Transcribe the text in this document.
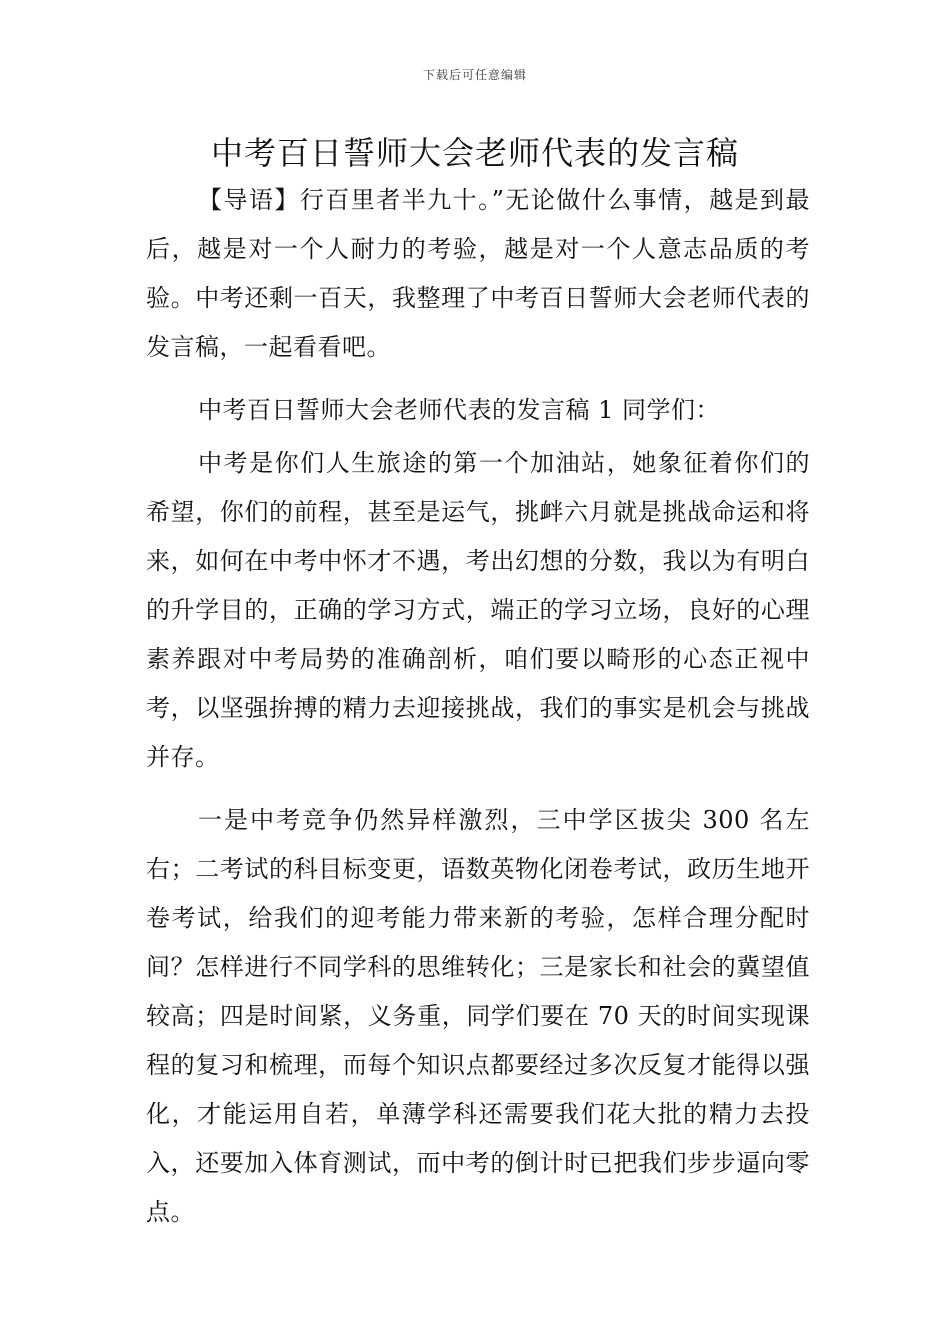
下载后可任意编辑
中考百日誓师大会老师代表的发言稿

【导语】行百里者半九十。”无论做什么事情，越是到最后，越是对一个人耐力的考验，越是对一个人意志品质的考验。中考还剩一百天，我整理了中考百日誓师大会老师代表的发言稿，一起看看吧。

中考百日誓师大会老师代表的发言稿 1 同学们：

中考是你们人生旅途的第一个加油站，她象征着你们的希望，你们的前程，甚至是运气，挑衅六月就是挑战命运和将来，如何在中考中怀才不遇，考出幻想的分数，我以为有明白的升学目的，正确的学习方式，端正的学习立场，良好的心理素养跟对中考局势的准确剖析，咱们要以畸形的心态正视中考，以坚强拚搏的精力去迎接挑战，我们的事实是机会与挑战并存。

一是中考竞争仍然异样激烈，三中学区拔尖 300 名左右；二考试的科目标变更，语数英物化闭卷考试，政历生地开卷考试，给我们的迎考能力带来新的考验，怎样合理分配时间？怎样进行不同学科的思维转化；三是家长和社会的冀望值较高；四是时间紧，义务重，同学们要在 70 天的时间实现课程的复习和梳理，而每个知识点都要经过多次反复才能得以强化，才能运用自若，单薄学科还需要我们花大批的精力去投入，还要加入体育测试，而中考的倒计时已把我们步步逼向零点。
